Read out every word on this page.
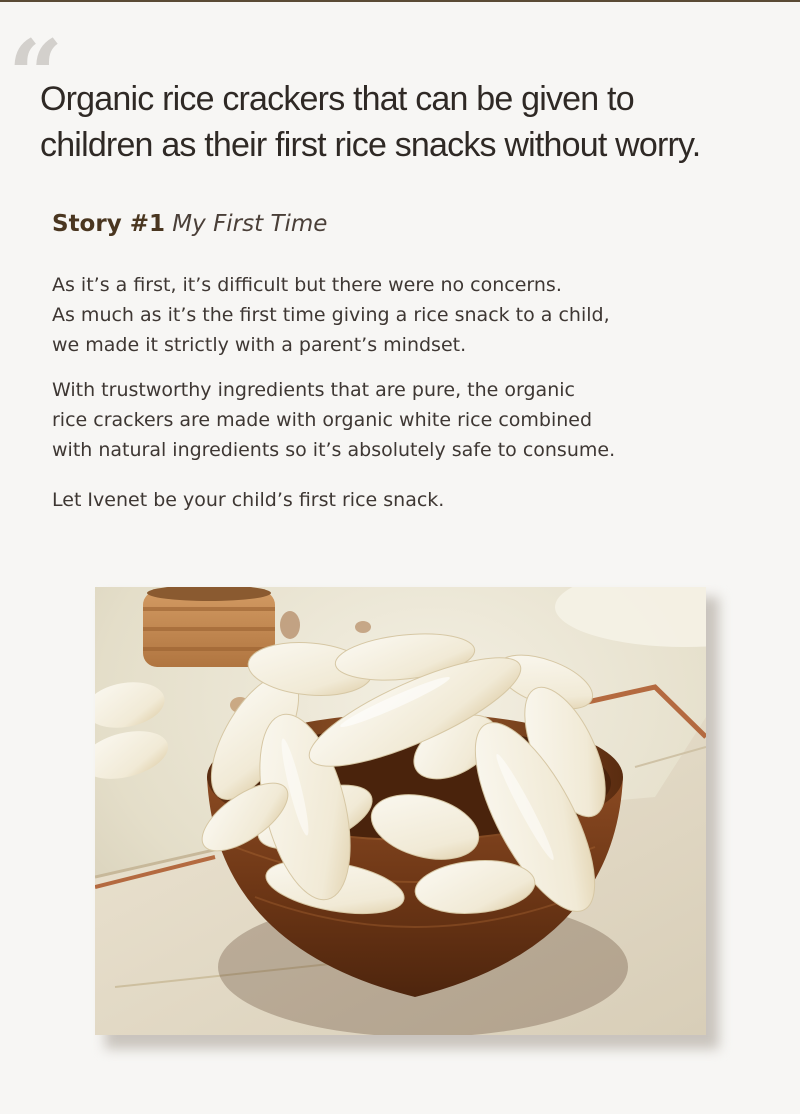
“
Organic rice crackers that can be given to
children as their first rice snacks without worry.
Story #1 My First Time

As it’s a first, it’s difficult but there were no concerns.
As much as it’s the first time giving a rice snack to a child,
we made it strictly with a parent’s mindset.

With trustworthy ingredients that are pure, the organic
rice crackers are made with organic white rice combined
with natural ingredients so it’s absolutely safe to consume.

Let Ivenet be your child’s first rice snack.
